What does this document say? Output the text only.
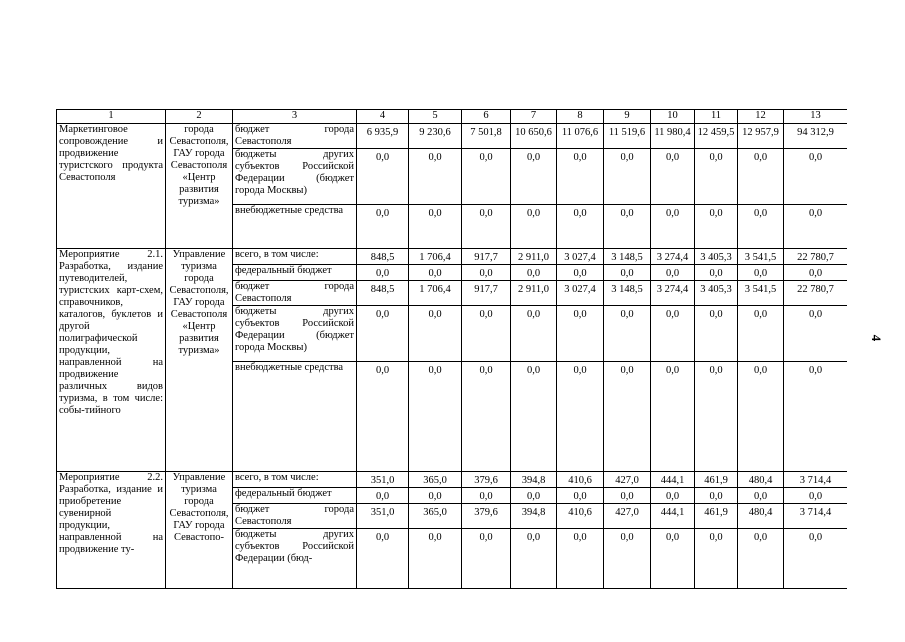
1	2	3	4	5	6	7	8	9	10	11	12	13
Маркетинговое сопровождение и продвижение туристского продукта Севастополя	города Севастополя, ГАУ города Севастополя «Центр развития туризма»	бюджет города Севастополя	6 935,9	9 230,6	7 501,8	10 650,6	11 076,6	11 519,6	11 980,4	12 459,5	12 957,9	94 312,9
		бюджеты других субъектов Российской Федерации (бюджет города Москвы)	0,0	0,0	0,0	0,0	0,0	0,0	0,0	0,0	0,0	0,0
		внебюджетные средства	0,0	0,0	0,0	0,0	0,0	0,0	0,0	0,0	0,0	0,0
Мероприятие 2.1. Разработка, издание путеводителей, туристских карт-схем, справочников, каталогов, буклетов и другой полиграфической продукции, направленной на продвижение различных видов туризма, в том числе: собы-тийного	Управление туризма города Севастополя, ГАУ города Севастополя «Центр развития туризма»	всего, в том числе:	848,5	1 706,4	917,7	2 911,0	3 027,4	3 148,5	3 274,4	3 405,3	3 541,5	22 780,7
		федеральный бюджет	0,0	0,0	0,0	0,0	0,0	0,0	0,0	0,0	0,0	0,0
		бюджет города Севастополя	848,5	1 706,4	917,7	2 911,0	3 027,4	3 148,5	3 274,4	3 405,3	3 541,5	22 780,7
		бюджеты других субъектов Российской Федерации (бюджет города Москвы)	0,0	0,0	0,0	0,0	0,0	0,0	0,0	0,0	0,0	0,0
		внебюджетные средства	0,0	0,0	0,0	0,0	0,0	0,0	0,0	0,0	0,0	0,0
Мероприятие 2.2. Разработка, издание и приобретение сувенирной продукции, направленной на продвижение ту-	Управление туризма города Севастополя, ГАУ города Севастопо-	всего, в том числе:	351,0	365,0	379,6	394,8	410,6	427,0	444,1	461,9	480,4	3 714,4
		федеральный бюджет	0,0	0,0	0,0	0,0	0,0	0,0	0,0	0,0	0,0	0,0
		бюджет города Севастополя	351,0	365,0	379,6	394,8	410,6	427,0	444,1	461,9	480,4	3 714,4
		бюджеты других субъектов Российской Федерации (бюд-	0,0	0,0	0,0	0,0	0,0	0,0	0,0	0,0	0,0	0,0
4
